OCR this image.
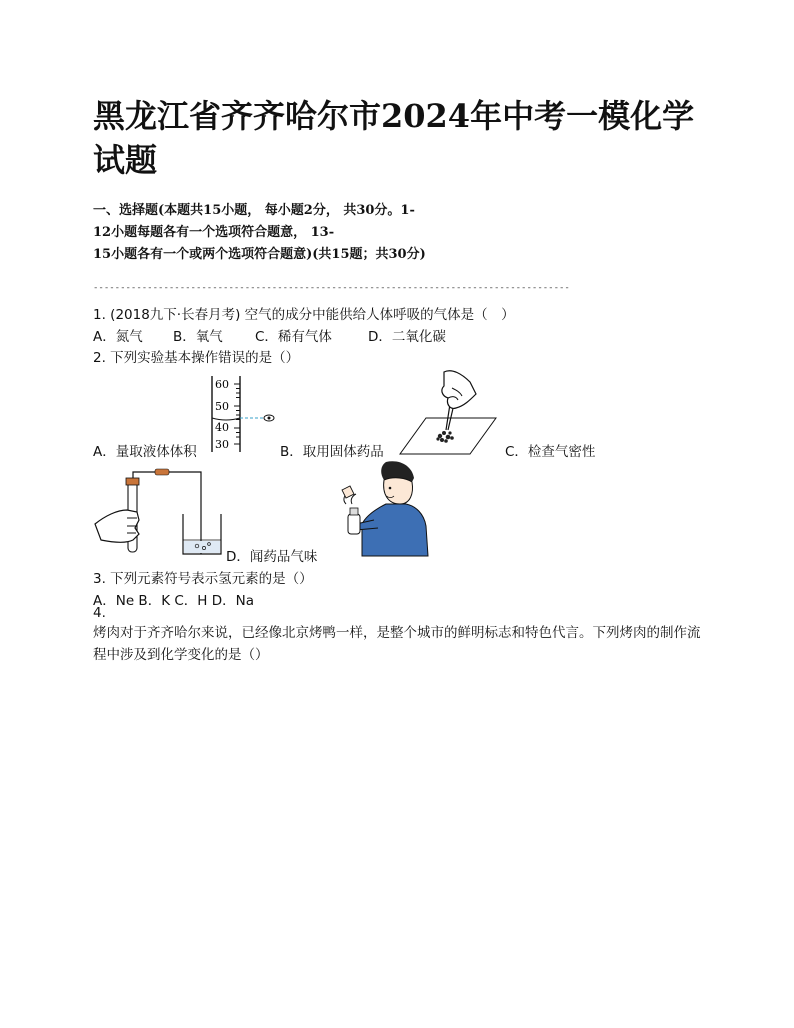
黑龙江省齐齐哈尔市2024年中考一模化学试题
一、选择题(本题共15小题， 每小题2分， 共30分。1-
12小题每题各有一个选项符合题意， 13-
15小题各有一个或两个选项符合题意)(共15题；共30分)
----------------------------------------------------------------------------------------
1. (2018九下·长春月考) 空气的成分中能供给人体呼吸的气体是（　）
A．氮气 B．氧气 C．稀有气体	D．二氧化碳
2. 下列实验基本操作错误的是（）
60
50
40
30
A．量取液体体积	B．取用固体药品	C．检查气密性
D．闻药品气味
3. 下列元素符号表示氢元素的是（）
A．Ne B．K C．H D．Na
4.
烤肉对于齐齐哈尔来说，已经像北京烤鸭一样，是整个城市的鲜明标志和特色代言。下列烤肉的制作流程中涉及到化学变化的是（）
